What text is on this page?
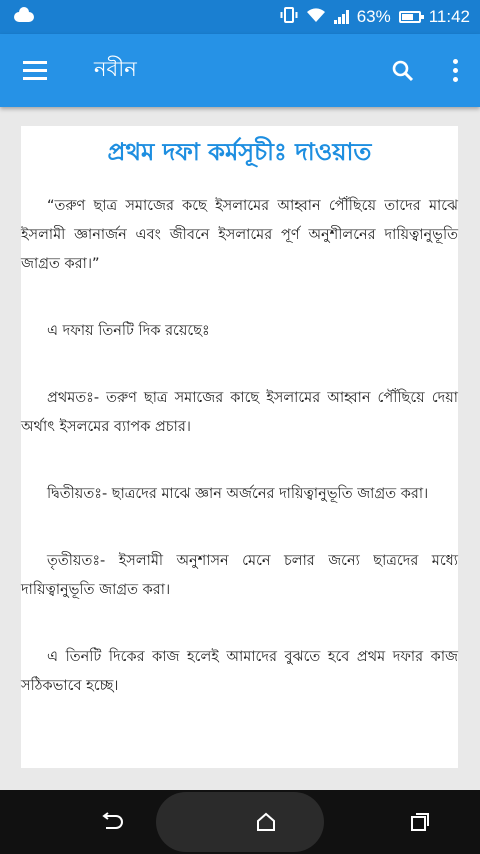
63% 11:42
নবীন
প্রথম দফা কর্মসূচীঃ দাওয়াত

“তরুণ ছাত্র সমাজের কছে ইসলামের আহ্বান পৌঁছিয়ে তাদের মাঝে ইসলামী জ্ঞানার্জন এবং জীবনে ইসলামের পূর্ণ অনুশীলনের দায়িত্বানুভূতি জাগ্রত করা।”

এ দফায় তিনটি দিক রয়েছেঃ

প্রথমতঃ- তরুণ ছাত্র সমাজের কাছে ইসলামের আহ্বান পৌঁছিয়ে দেয়া অর্থাৎ ইসলমের ব্যাপক প্রচার।

দ্বিতীয়তঃ- ছাত্রদের মাঝে জ্ঞান অর্জনের দায়িত্বানুভূতি জাগ্রত করা।

তৃতীয়তঃ- ইসলামী অনুশাসন মেনে চলার জন্যে ছাত্রদের মধ্যে দায়িত্বানুভূতি জাগ্রত করা।

এ তিনটি দিকের কাজ হলেই আমাদের বুঝতে হবে প্রথম দফার কাজ সঠিকভাবে হচ্ছে।
